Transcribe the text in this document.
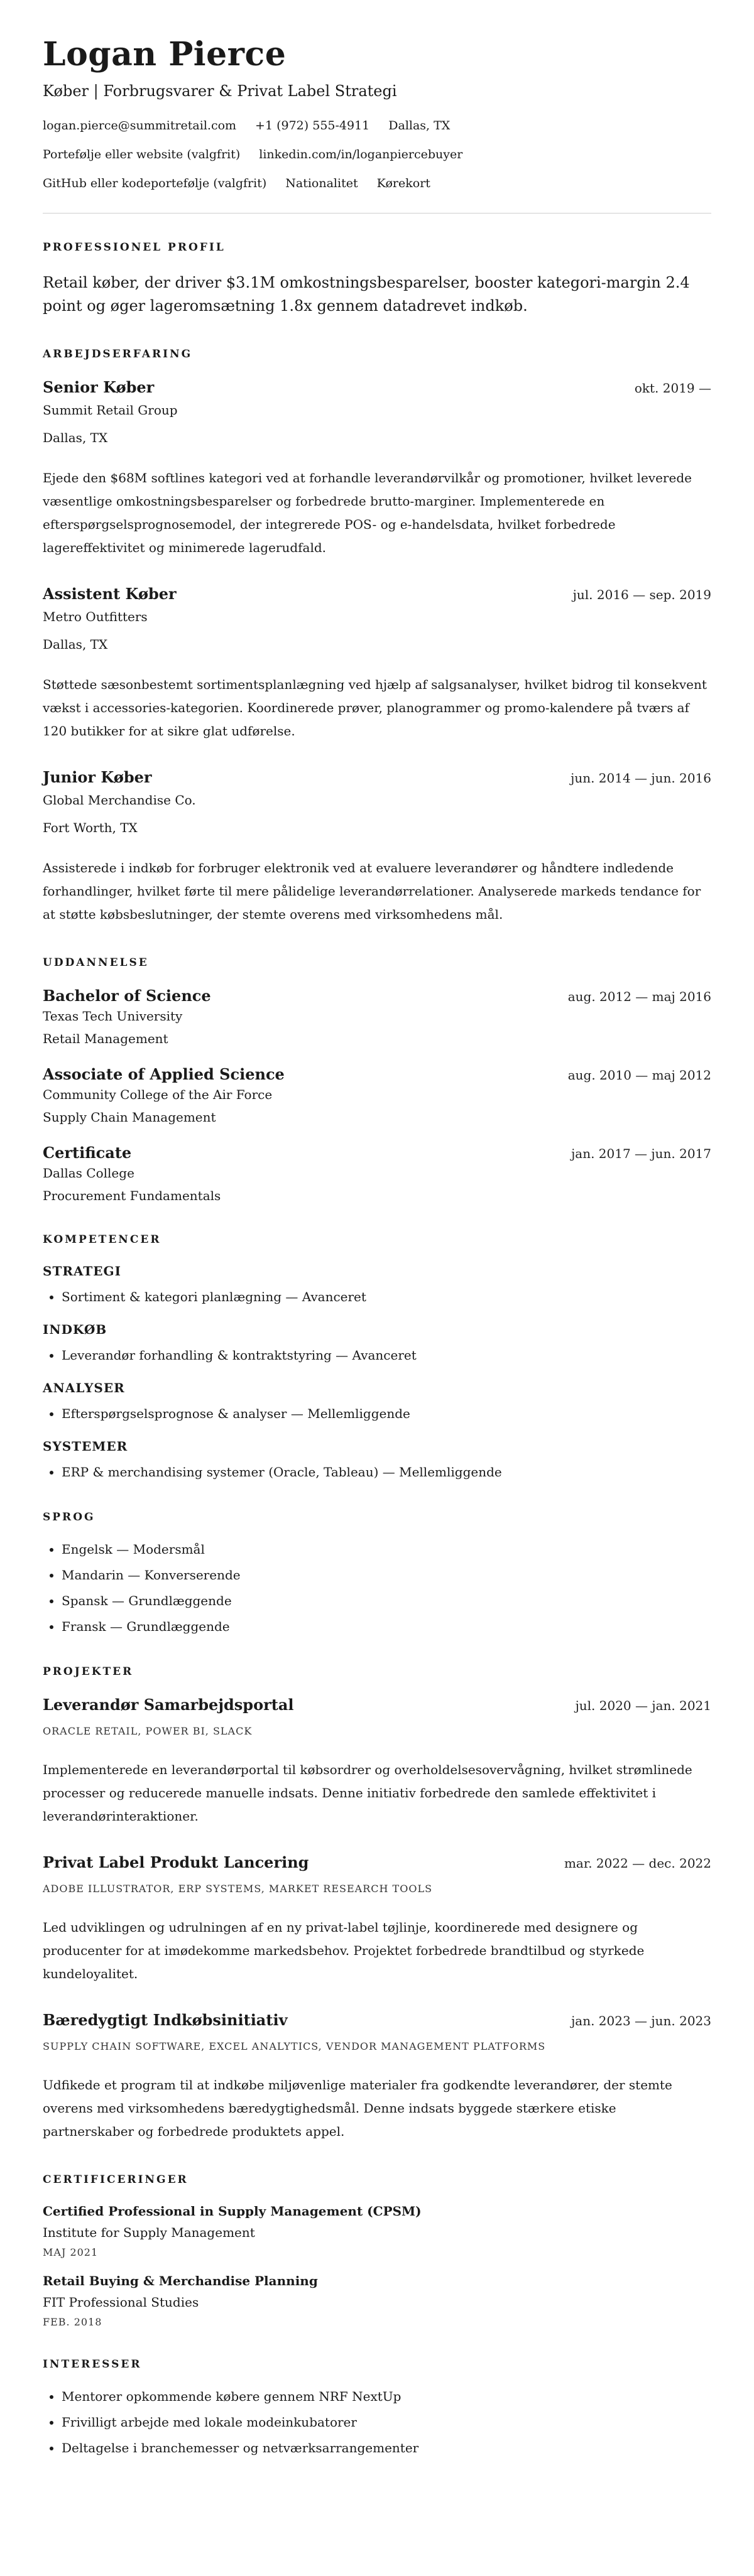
Logan Pierce
Køber | Forbrugsvarer & Privat Label Strategi
logan.pierce@summitretail.com +1 (972) 555-4911 Dallas, TX
Portefølje eller website (valgfrit) linkedin.com/in/loganpiercebuyer
GitHub eller kodeportefølje (valgfrit) Nationalitet Kørekort
PROFESSIONEL PROFIL
Retail køber, der driver $3.1M omkostningsbesparelser, booster kategori-margin 2.4 point og øger lageromsætning 1.8x gennem datadrevet indkøb.
ARBEJDSERFARING
Senior Køber	okt. 2019 —
Summit Retail Group
Dallas, TX
Ejede den $68M softlines kategori ved at forhandle leverandørvilkår og promotioner, hvilket leverede væsentlige omkostningsbesparelser og forbedrede brutto-marginer. Implementerede en efterspørgselsprognosemodel, der integrerede POS- og e-handelsdata, hvilket forbedrede lagereffektivitet og minimerede lagerudfald.
Assistent Køber	jul. 2016 — sep. 2019
Metro Outfitters
Dallas, TX
Støttede sæsonbestemt sortimentsplanlægning ved hjælp af salgsanalyser, hvilket bidrog til konsekvent vækst i accessories-kategorien. Koordinerede prøver, planogrammer og promo-kalendere på tværs af 120 butikker for at sikre glat udførelse.
Junior Køber	jun. 2014 — jun. 2016
Global Merchandise Co.
Fort Worth, TX
Assisterede i indkøb for forbruger elektronik ved at evaluere leverandører og håndtere indledende forhandlinger, hvilket førte til mere pålidelige leverandørrelationer. Analyserede markeds tendance for at støtte købsbeslutninger, der stemte overens med virksomhedens mål.
UDDANNELSE
Bachelor of Science	aug. 2012 — maj 2016
Texas Tech University
Retail Management
Associate of Applied Science	aug. 2010 — maj 2012
Community College of the Air Force
Supply Chain Management
Certificate	jan. 2017 — jun. 2017
Dallas College
Procurement Fundamentals
KOMPETENCER
STRATEGI
• Sortiment & kategori planlægning — Avanceret
INDKØB
• Leverandør forhandling & kontraktstyring — Avanceret
ANALYSER
• Efterspørgselsprognose & analyser — Mellemliggende
SYSTEMER
• ERP & merchandising systemer (Oracle, Tableau) — Mellemliggende
SPROG
• Engelsk — Modersmål
• Mandarin — Konverserende
• Spansk — Grundlæggende
• Fransk — Grundlæggende
PROJEKTER
Leverandør Samarbejdsportal	jul. 2020 — jan. 2021
ORACLE RETAIL, POWER BI, SLACK
Implementerede en leverandørportal til købsordrer og overholdelsesovervågning, hvilket strømlinede processer og reducerede manuelle indsats. Denne initiativ forbedrede den samlede effektivitet i leverandørinteraktioner.
Privat Label Produkt Lancering	mar. 2022 — dec. 2022
ADOBE ILLUSTRATOR, ERP SYSTEMS, MARKET RESEARCH TOOLS
Led udviklingen og udrulningen af en ny privat-label tøjlinje, koordinerede med designere og producenter for at imødekomme markedsbehov. Projektet forbedrede brandtilbud og styrkede kundeloyalitet.
Bæredygtigt Indkøbsinitiativ	jan. 2023 — jun. 2023
SUPPLY CHAIN SOFTWARE, EXCEL ANALYTICS, VENDOR MANAGEMENT PLATFORMS
Udfikede et program til at indkøbe miljøvenlige materialer fra godkendte leverandører, der stemte overens med virksomhedens bæredygtighedsmål. Denne indsats byggede stærkere etiske partnerskaber og forbedrede produktets appel.
CERTIFICERINGER
Certified Professional in Supply Management (CPSM)
Institute for Supply Management
MAJ 2021
Retail Buying & Merchandise Planning
FIT Professional Studies
FEB. 2018
INTERESSER
• Mentorer opkommende købere gennem NRF NextUp
• Frivilligt arbejde med lokale modeinkubatorer
• Deltagelse i branchemesser og netværksarrangementer
